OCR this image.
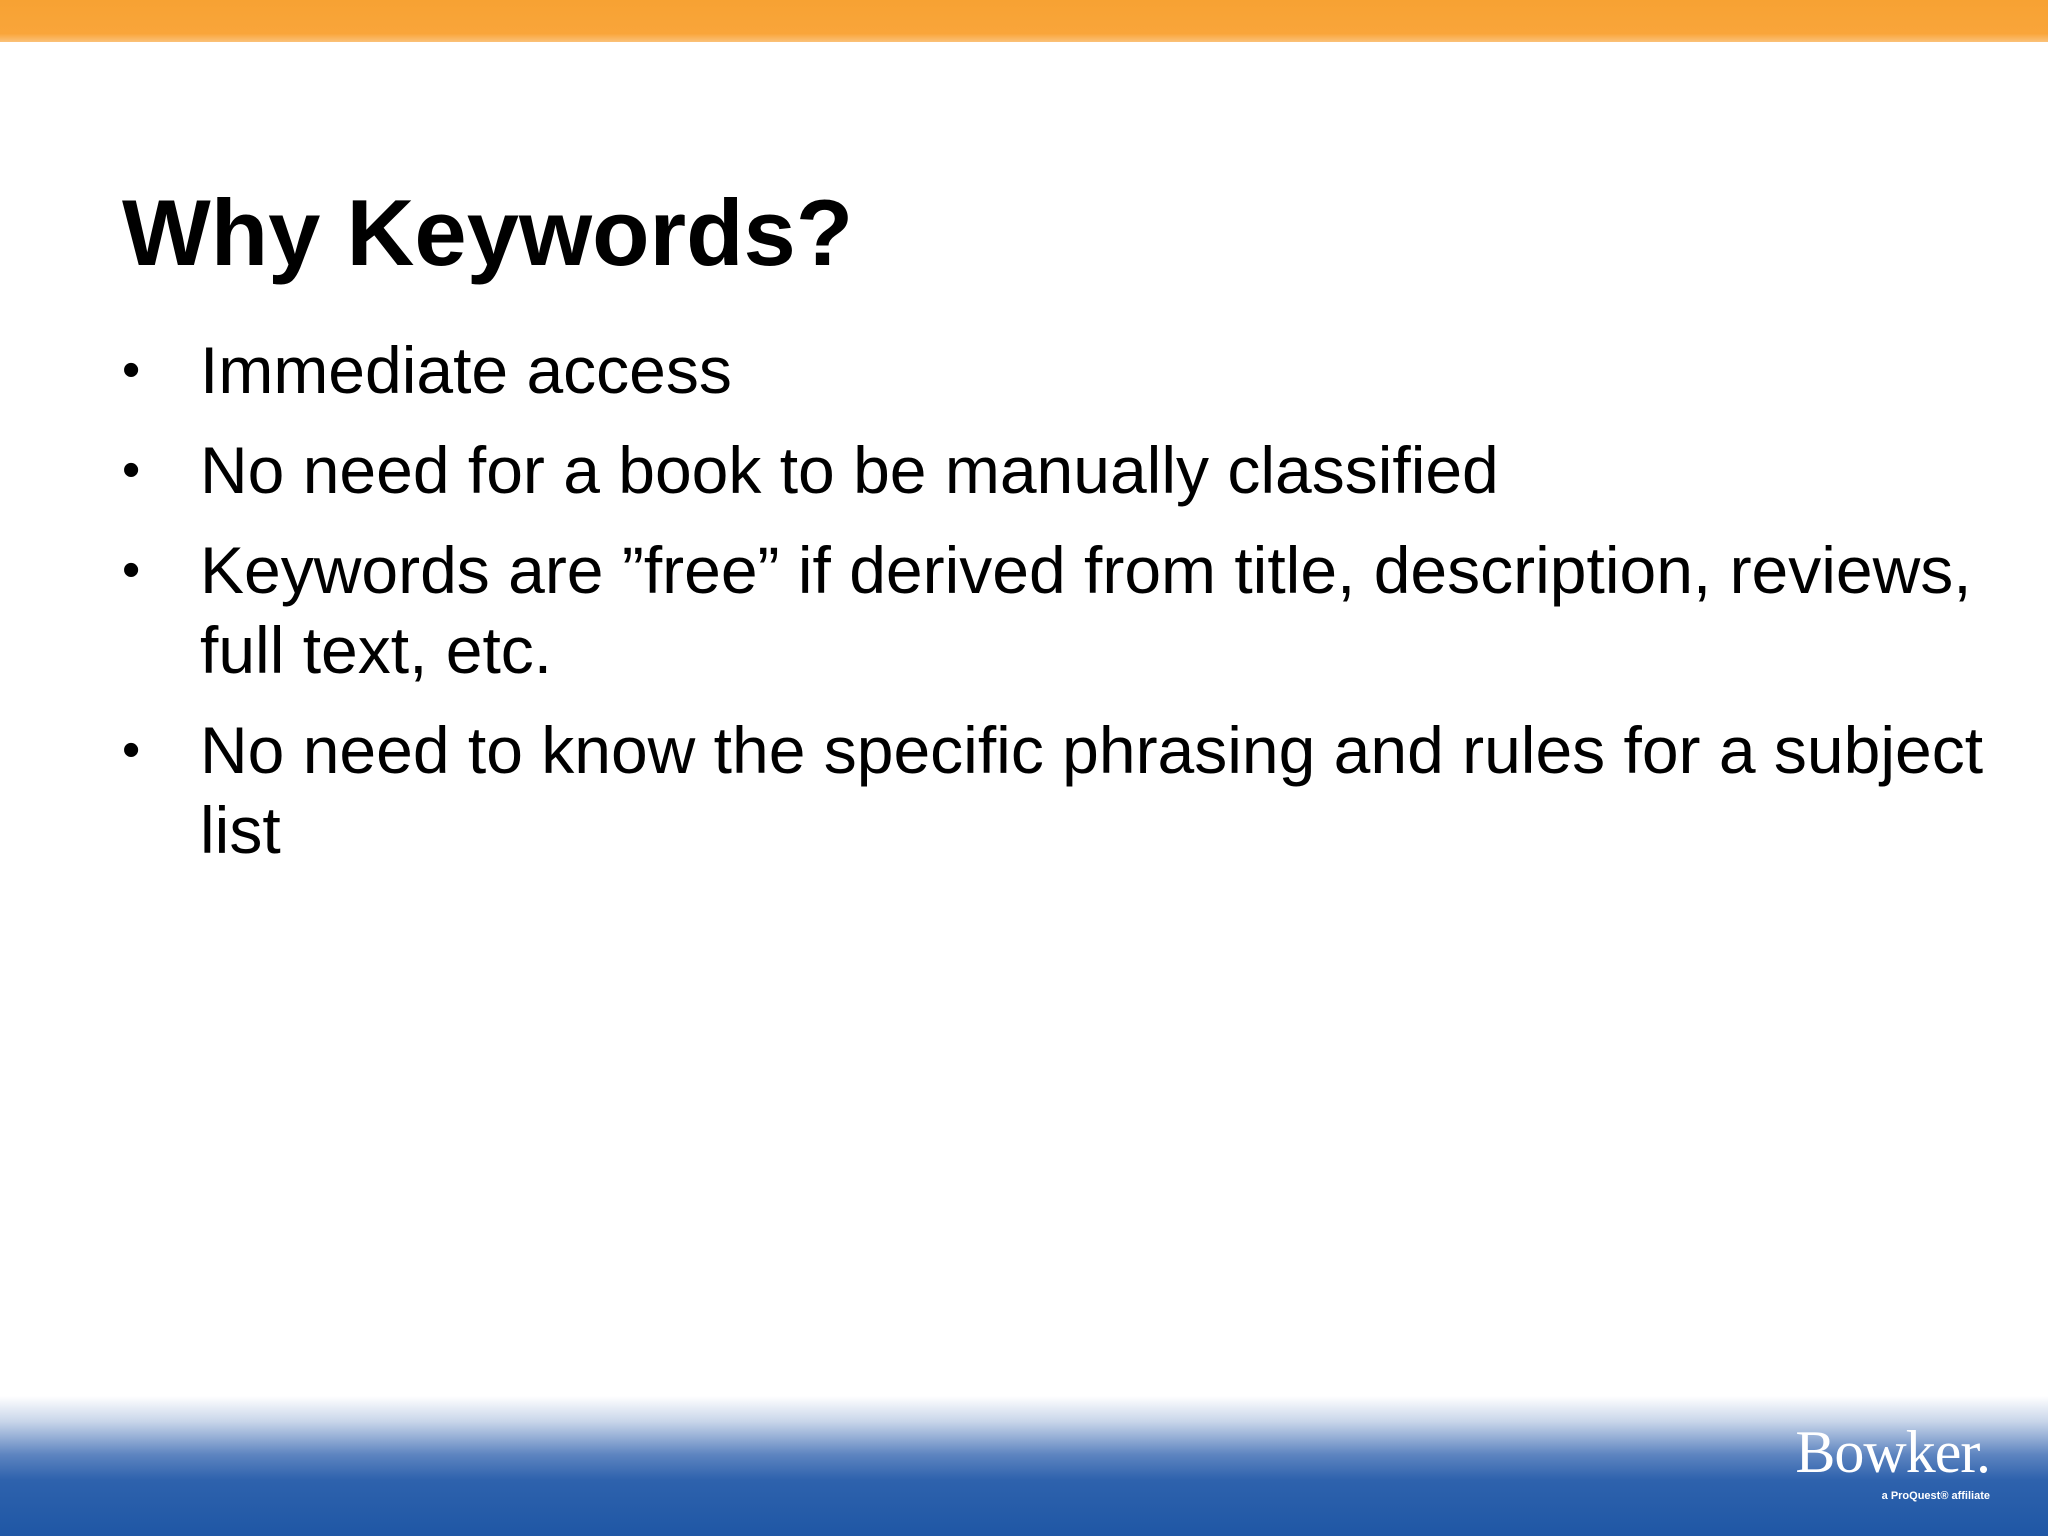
Why Keywords?
• Immediate access
• No need for a book to be manually classified
• Keywords are ”free” if derived from title, description, reviews, full text, etc.
• No need to know the specific phrasing and rules for a subject list
Bowker.
a ProQuest® affiliate
